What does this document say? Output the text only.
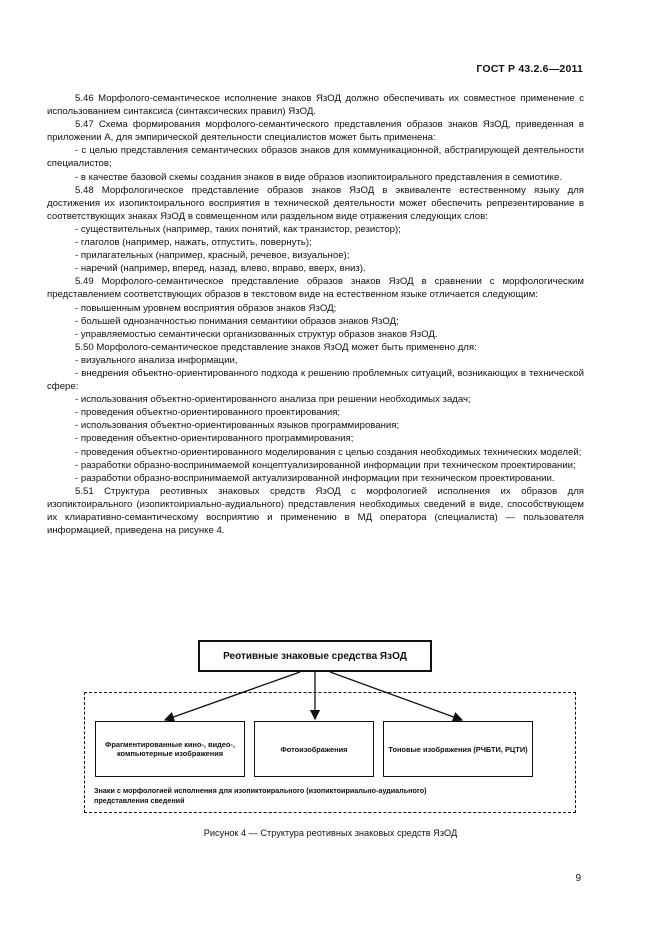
ГОСТ Р 43.2.6—2011

5.46 Морфолого-семантическое исполнение знаков ЯзОД должно обеспечивать их совместное применение с использованием синтаксиса (синтаксических правил) ЯзОД.

5.47 Схема формирования морфолого-семантического представления образов знаков ЯзОД, приведенная в приложении А, для эмпирической деятельности специалистов может быть применена:

- с целью представления семантических образов знаков для коммуникационной, абстрагирующей деятельности специалистов;

- в качестве базовой схемы создания знаков в виде образов изопиктоирального представления в семиотике.

5.48 Морфологическое представление образов знаков ЯзОД в эквиваленте естественному языку для достижения их изопиктоирального восприятия в технической деятельности может обеспечить репрезентирование в соответствующих знаках ЯзОД в совмещенном или раздельном виде отражения следующих слов:

- существительных (например, таких понятий, как транзистор, резистор);

- глаголов (например, нажать, отпустить, повернуть);

- прилагательных (например, красный, речевое, визуальное);

- наречий (например, вперед, назад, влево, вправо, вверх, вниз).

5.49 Морфолого-семантическое представление образов знаков ЯзОД в сравнении с морфологическим представлением соответствующих образов в текстовом виде на естественном языке отличается следующим:

- повышенным уровнем восприятия образов знаков ЯзОД;

- большей однозначностью понимания семантики образов знаков ЯзОД;

- управляемостью семантически организованных структур образов знаков ЯзОД.

5.50 Морфолого-семантическое представление знаков ЯзОД может быть применено для:

- визуального анализа информации,

- внедрения объектно-ориентированного подхода к решению проблемных ситуаций, возникающих в технической сфере:

- использования объектно-ориентированного анализа при решении необходимых задач;

- проведения объектно-ориентированного проектирования;

- использования объектно-ориентированных языков программирования;

- проведения объектно-ориентированного программирования;

- проведения объектно-ориентированного моделирования с целью создания необходимых технических моделей;

- разработки образно-воспринимаемой концептуализированной информации при техническом проектировании;

- разработки образно-воспринимаемой актуализированной информации при техническом проектировании.

5.51 Структура реотивных знаковых средств ЯзОД с морфологией исполнения их образов для изопиктоирального (изопиктоириально-аудиального) представления необходимых сведений в виде, способствующем их клиаративно-семантическому восприятию и применению в МД оператора (специалиста) — пользователя информацией, приведена на рисунке 4.

Реотивные знаковые средства ЯзОД
Фрагментированные кино-, видео-, компьютерные изображения	Фотоизображения	Тоновые изображения (РЧБТИ, РЦТИ)
Знаки с морфологией исполнения для изопиктоирального (изопиктоириально-аудиального) представления сведений
Рисунок 4 — Структура реотивных знаковых средств ЯзОД
9
